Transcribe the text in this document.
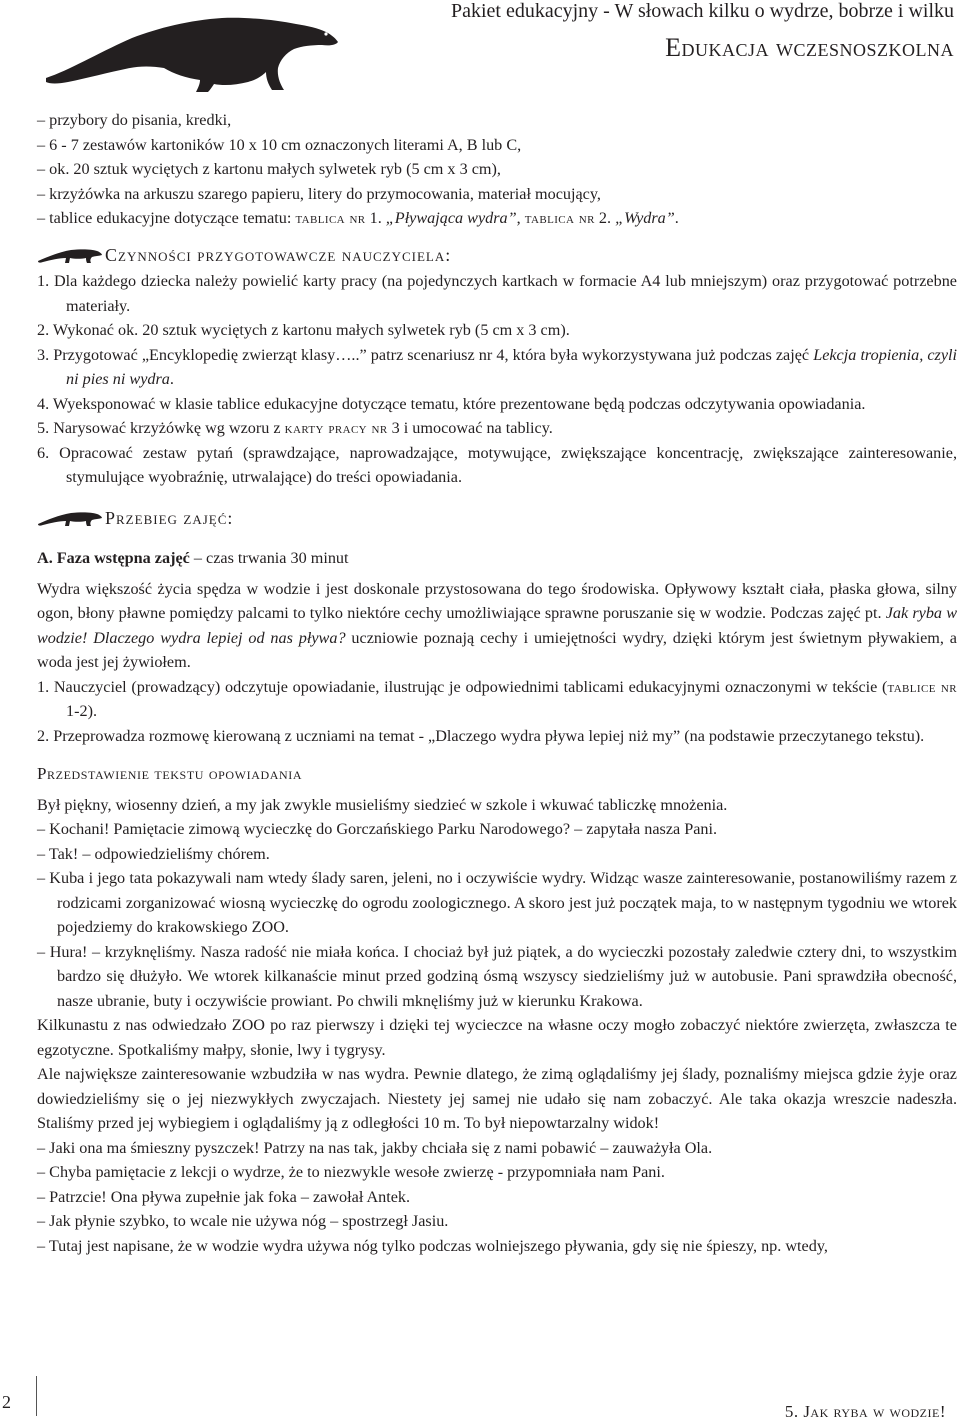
Pakiet edukacyjny - W słowach kilku o wydrze, bobrze i wilku
Edukacja wczesnoszkolna
– przybory do pisania, kredki,
– 6 - 7 zestawów kartoników 10 x 10 cm oznaczonych literami A, B lub C,
– ok. 20 sztuk wyciętych z kartonu małych sylwetek ryb (5 cm x 3 cm),
– krzyżówka na arkuszu szarego papieru, litery do przymocowania, materiał mocujący,
– tablice edukacyjne dotyczące tematu: tablica nr 1. „Pływająca wydra”, tablica nr 2. „Wydra”.
Czynności przygotowawcze nauczyciela:
1. Dla każdego dziecka należy powielić karty pracy (na pojedynczych kartkach w formacie A4 lub mniejszym) oraz przygotować potrzebne materiały.
2. Wykonać ok. 20 sztuk wyciętych z kartonu małych sylwetek ryb (5 cm x 3 cm).
3. Przygotować „Encyklopedię zwierząt klasy…..” patrz scenariusz nr 4, która była wykorzystywana już podczas zajęć Lekcja tropienia, czyli ni pies ni wydra.
4. Wyeksponować w klasie tablice edukacyjne dotyczące tematu, które prezentowane będą podczas odczytywania opowiadania.
5. Narysować krzyżówkę wg wzoru z karty pracy nr 3 i umocować na tablicy.
6. Opracować zestaw pytań (sprawdzające, naprowadzające, motywujące, zwiększające koncentrację, zwiększające zainteresowanie, stymulujące wyobraźnię, utrwalające) do treści opowiadania.
Przebieg zajęć:

A. Faza wstępna zajęć – czas trwania 30 minut

Wydra większość życia spędza w wodzie i jest doskonale przystosowana do tego środowiska. Opływowy kształt ciała, płaska głowa, silny ogon, błony pławne pomiędzy palcami to tylko niektóre cechy umożliwiające sprawne poruszanie się w wodzie. Podczas zajęć pt. Jak ryba w wodzie! Dlaczego wydra lepiej od nas pływa? uczniowie poznają cechy i umiejętności wydry, dzięki którym jest świetnym pływakiem, a woda jest jej żywiołem.

1. Nauczyciel (prowadzący) odczytuje opowiadanie, ilustrując je odpowiednimi tablicami edukacyjnymi oznaczonymi w tekście (tablice nr 1-2).
2. Przeprowadza rozmowę kierowaną z uczniami na temat - „Dlaczego wydra pływa lepiej niż my” (na podstawie przeczytanego tekstu).
Przedstawienie tekstu opowiadania

Był piękny, wiosenny dzień, a my jak zwykle musieliśmy siedzieć w szkole i wkuwać tabliczkę mnożenia.

– Kochani! Pamiętacie zimową wycieczkę do Gorczańskiego Parku Narodowego? – zapytała nasza Pani.
– Tak! – odpowiedzieliśmy chórem.
– Kuba i jego tata pokazywali nam wtedy ślady saren, jeleni, no i oczywiście wydry. Widząc wasze zainteresowanie, postanowiliśmy razem z rodzicami zorganizować wiosną wycieczkę do ogrodu zoologicznego. A skoro jest już początek maja, to w następnym tygodniu we wtorek pojedziemy do krakowskiego ZOO.
– Hura! – krzyknęliśmy. Nasza radość nie miała końca. I chociaż był już piątek, a do wycieczki pozostały zaledwie cztery dni, to wszystkim bardzo się dłużyło. We wtorek kilkanaście minut przed godziną ósmą wszyscy siedzieliśmy już w autobusie. Pani sprawdziła obecność, nasze ubranie, buty i oczywiście prowiant. Po chwili mknęliśmy już w kierunku Krakowa.

Kilkunastu z nas odwiedzało ZOO po raz pierwszy i dzięki tej wycieczce na własne oczy mogło zobaczyć niektóre zwierzęta, zwłaszcza te egzotyczne. Spotkaliśmy małpy, słonie, lwy i tygrysy.

Ale największe zainteresowanie wzbudziła w nas wydra. Pewnie dlatego, że zimą oglądaliśmy jej ślady, poznaliśmy miejsca gdzie żyje oraz dowiedzieliśmy się o jej niezwykłych zwyczajach. Niestety jej samej nie udało się nam zobaczyć. Ale taka okazja wreszcie nadeszła. Staliśmy przed jej wybiegiem i oglądaliśmy ją z odległości 10 m. To był niepowtarzalny widok!

– Jaki ona ma śmieszny pyszczek! Patrzy na nas tak, jakby chciała się z nami pobawić – zauważyła Ola.
– Chyba pamiętacie z lekcji o wydrze, że to niezwykle wesołe zwierzę - przypomniała nam Pani.
– Patrzcie! Ona pływa zupełnie jak foka – zawołał Antek.
– Jak płynie szybko, to wcale nie używa nóg – spostrzegł Jasiu.
– Tutaj jest napisane, że w wodzie wydra używa nóg tylko podczas wolniejszego pływania, gdy się nie śpieszy, np. wtedy,
2	5. Jak ryba w wodzie!
